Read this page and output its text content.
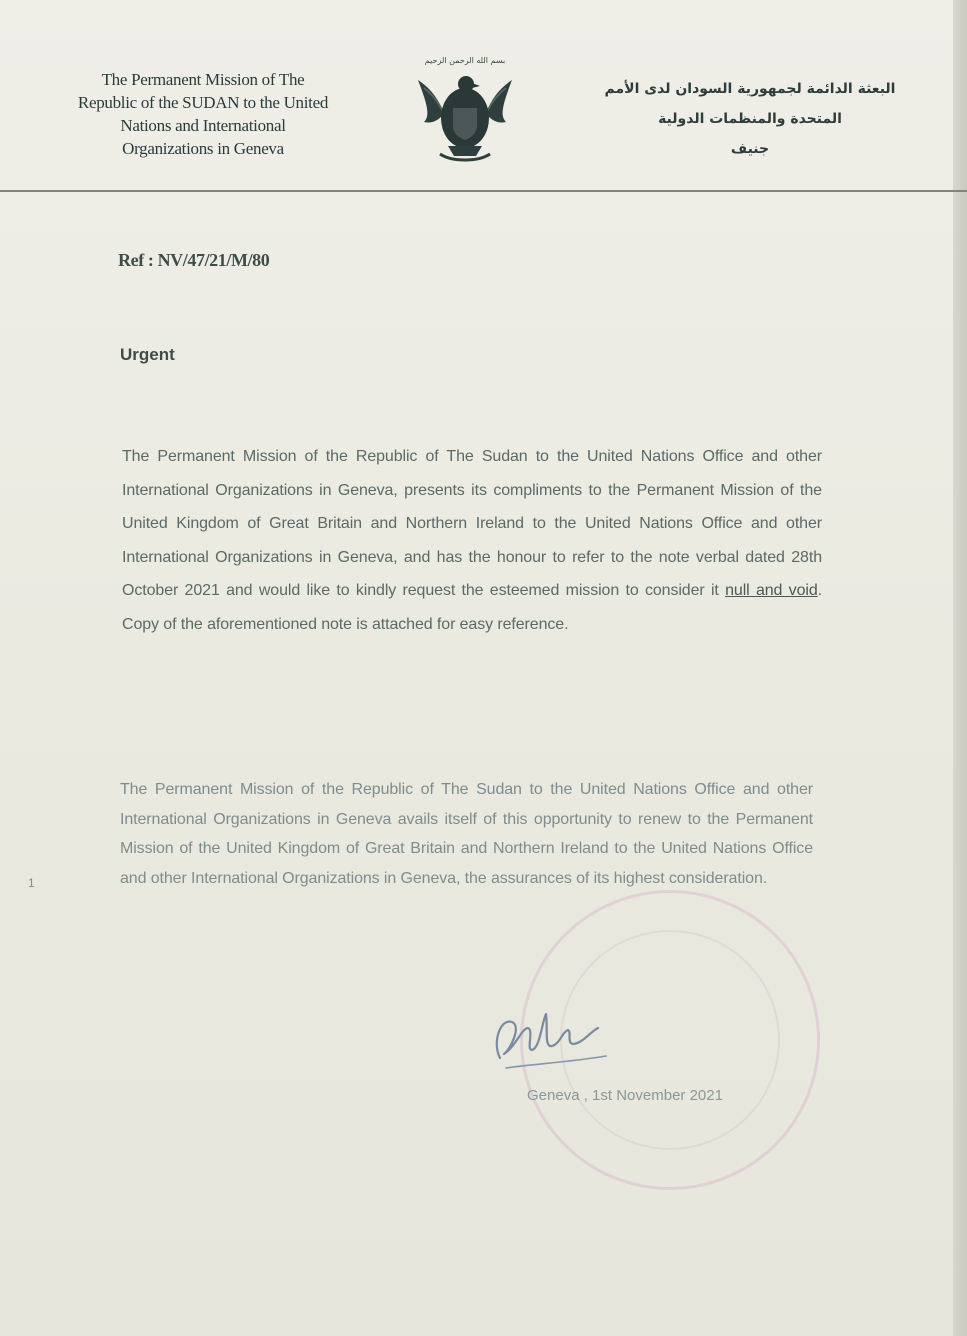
The Permanent Mission of The
Republic of the SUDAN to the United
Nations and International
Organizations in Geneva
بسم الله الرحمن الرحيم
البعثة الدائمة لجمهورية السودان لدى الأمم
المتحدة والمنظمات الدولية
جنيف
Ref : NV/47/21/M/80
Urgent
The Permanent Mission of the Republic of The Sudan to the United Nations Office and other International Organizations in Geneva, presents its compliments to the Permanent Mission of the United Kingdom of Great Britain and Northern Ireland to the United Nations Office and other International Organizations in Geneva, and has the honour to refer to the note verbal dated 28th October 2021 and would like to kindly request the esteemed mission to consider it null and void. Copy of the aforementioned note is attached for easy reference.
The Permanent Mission of the Republic of The Sudan to the United Nations Office and other International Organizations in Geneva avails itself of this opportunity to renew to the Permanent Mission of the United Kingdom of Great Britain and Northern Ireland to the United Nations Office and other International Organizations in Geneva, the assurances of its highest consideration.
1
Geneva , 1st November 2021
